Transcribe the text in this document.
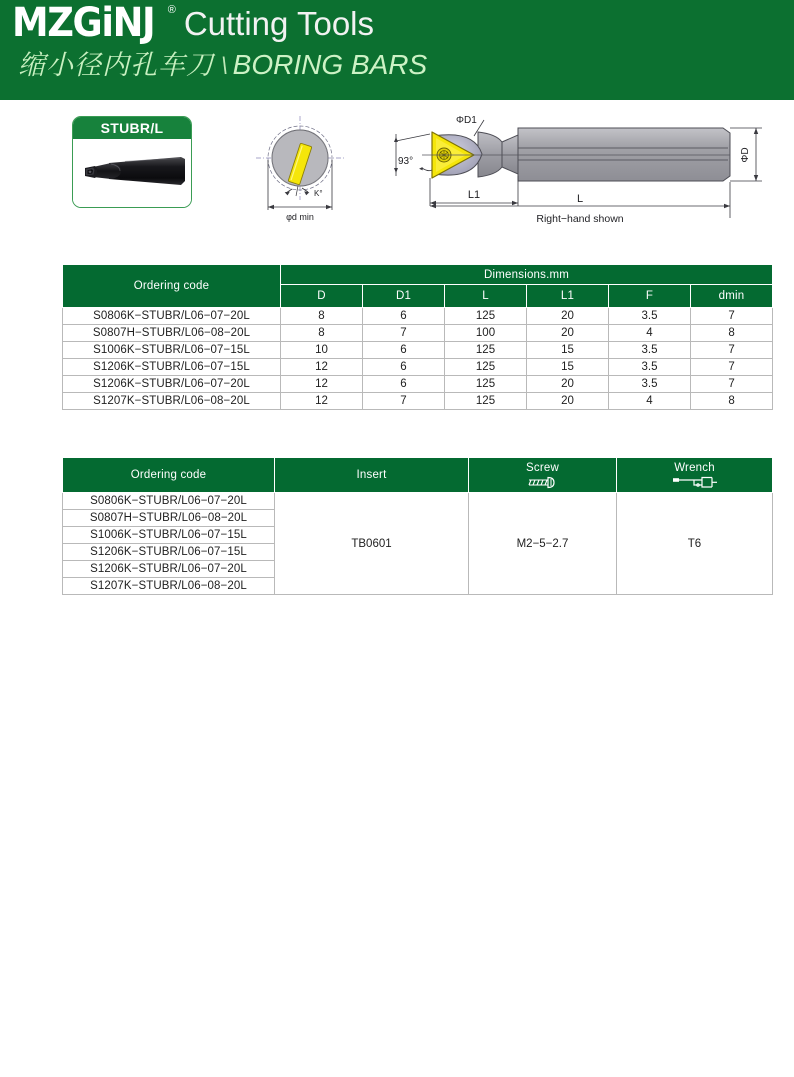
MZGiNJ ® Cutting Tools
缩小径内孔车刀 \ BORING BARS
STUBR/L
Κ°
φd min
ΦD1
93°
L1	L
ΦD
Right−hand shown
Ordering code	Dimensions.mm					
	D	D1	L	L1	F	dmin
S0806K−STUBR/L06−07−20L	8	6	125	20	3.5	7
S0807H−STUBR/L06−08−20L	8	7	100	20	4	8
S1006K−STUBR/L06−07−15L	10	6	125	15	3.5	7
S1206K−STUBR/L06−07−15L	12	6	125	15	3.5	7
S1206K−STUBR/L06−07−20L	12	6	125	20	3.5	7
S1207K−STUBR/L06−08−20L	12	7	125	20	4	8
Ordering code	Insert	Screw	Wrench

S0806K−STUBR/L06−07−20L	TB0601	M2−5−2.7	T6
S0807H−STUBR/L06−08−20L			
S1006K−STUBR/L06−07−15L			
S1206K−STUBR/L06−07−15L			
S1206K−STUBR/L06−07−20L			
S1207K−STUBR/L06−08−20L			
